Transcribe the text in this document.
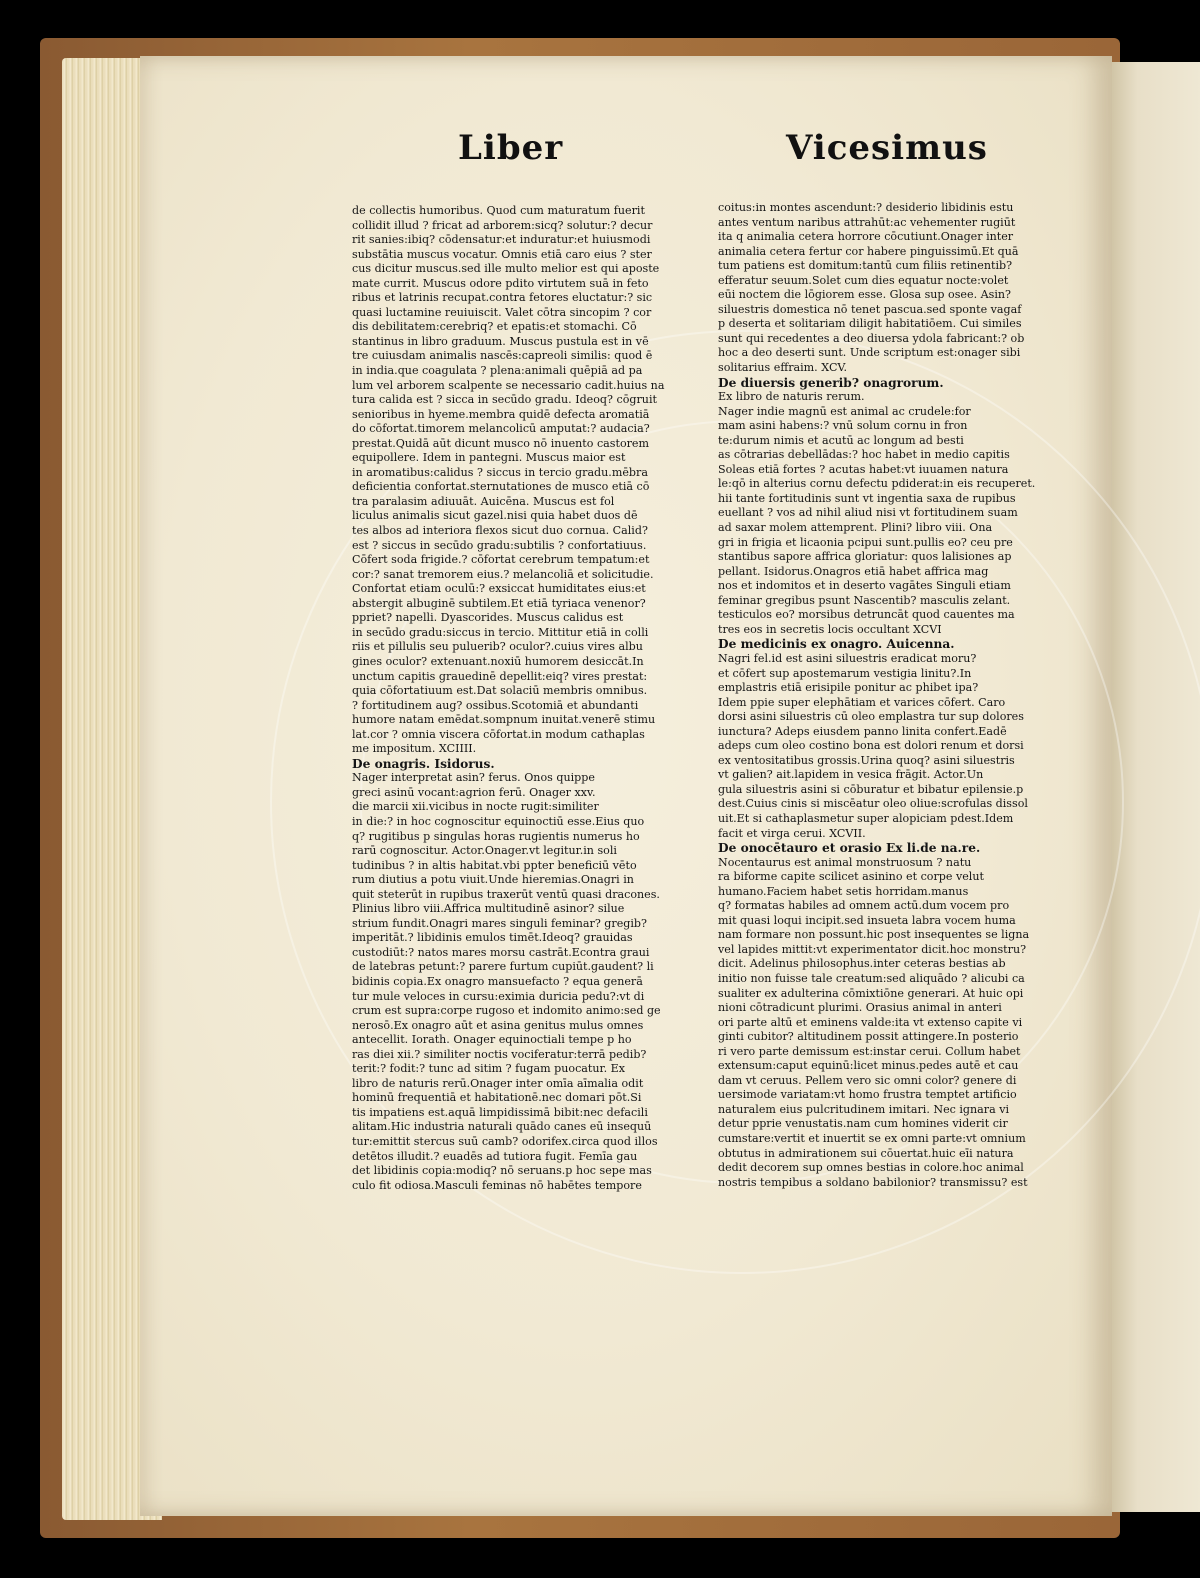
Liber	Vicesimus
de collectis humoribus. Quod cum maturatum fuerit
collidit illud ? fricat ad arborem:sicq? solutur:? decur
rit sanies:ibiq? cōdensatur:et induratur:et huiusmodi
substātia muscus vocatur. Omnis etiā caro eius ? ster
cus dicitur muscus.sed ille multo melior est qui aposte
mate currit. Muscus odore pdito virtutem suā in feto
ribus et latrinis recupat.contra fetores eluctatur:? sic
quasi luctamine reuiuiscit. Valet cōtra sincopim ? cor
dis debilitatem:cerebriq? et epatis:et stomachi. Cō
stantinus in libro graduum. Muscus pustula est in vē
tre cuiusdam animalis nascēs:capreoli similis: quod ē
in india.que coagulata ? plena:animali quēpiā ad pa
lum vel arborem scalpente se necessario cadit.huius na
tura calida est ? sicca in secūdo gradu. Ideoq? cōgruit
senioribus in hyeme.membra quidē defecta aromatiā
do cōfortat.timorem melancolicū amputat:? audacia?
prestat.Quidā aūt dicunt musco nō inuento castorem
equipollere. Idem in pantegni. Muscus maior est
in aromatibus:calidus ? siccus in tercio gradu.mēbra
deficientia confortat.sternutationes de musco etiā cō
tra paralasim adiuuāt. Auicēna. Muscus est fol
liculus animalis sicut gazel.nisi quia habet duos dē
tes albos ad interiora flexos sicut duo cornua. Calid?
est ? siccus in secūdo gradu:subtilis ? confortatiuus.
Cōfert soda frigide.? cōfortat cerebrum tempatum:et
cor:? sanat tremorem eius.? melancoliā et solicitudie.
Confortat etiam oculū:? exsiccat humiditates eius:et
abstergit albuginē subtilem.Et etiā tyriaca venenor?
ppriet? napelli. Dyascorides. Muscus calidus est
in secūdo gradu:siccus in tercio. Mittitur etiā in colli
riis et pillulis seu puluerib? oculor?.cuius vires albu
gines oculor? extenuant.noxiū humorem desiccāt.In
unctum capitis grauedinē depellit:eiq? vires prestat:
quia cōfortatiuum est.Dat solaciū membris omnibus.
? fortitudinem aug? ossibus.Scotomiā et abundanti
humore natam emēdat.sompnum inuitat.venerē stimu
lat.cor ? omnia viscera cōfortat.in modum cathaplas
me impositum. XCIIII.
De onagris. Isidorus.
Nager interpretat asin? ferus. Onos quippe
greci asinū vocant:agrion ferū. Onager xxv.
die marcii xii.vicibus in nocte rugit:similiter
in die:? in hoc cognoscitur equinoctiū esse.Eius quo
q? rugitibus p singulas horas rugientis numerus ho
rarū cognoscitur. Actor.Onager.vt legitur.in soli
tudinibus ? in altis habitat.vbi ppter beneficiū vēto
rum diutius a potu viuit.Unde hieremias.Onagri in
quit steterūt in rupibus traxerūt ventū quasi dracones.
Plinius libro viii.Affrica multitudinē asinor? silue
strium fundit.Onagri mares singuli feminar? gregib?
imperitāt.? libidinis emulos timēt.Ideoq? grauidas
custodiūt:? natos mares morsu castrāt.Econtra graui
de latebras petunt:? parere furtum cupiūt.gaudent? li
bidinis copia.Ex onagro mansuefacto ? equa generā
tur mule veloces in cursu:eximia duricia pedu?:vt di
crum est supra:corpe rugoso et indomito animo:sed ge
nerosō.Ex onagro aūt et asina genitus mulus omnes
antecellit. Iorath. Onager equinoctiali tempe p ho
ras diei xii.? similiter noctis vociferatur:terrā pedib?
terit:? fodit:? tunc ad sitim ? fugam puocatur. Ex
libro de naturis rerū.Onager inter omīa aīmalia odit
hominū frequentiā et habitationē.nec domari pōt.Si
tis impatiens est.aquā limpidissimā bibit:nec defacili
alitam.Hic industria naturali quādo canes eū insequū
tur:emittit stercus suū camb? odorifex.circa quod illos
detētos illudit.? euadēs ad tutiora fugit. Femīa gau
det libidinis copia:modiq? nō seruans.p hoc sepe mas
culo fit odiosa.Masculi feminas nō habētes tempore
coitus:in montes ascendunt:? desiderio libidinis estu
antes ventum naribus attrahūt:ac vehementer rugiūt
ita q animalia cetera horrore cōcutiunt.Onager inter
animalia cetera fertur cor habere pinguissimū.Et quā
tum patiens est domitum:tantū cum filiis retinentib?
efferatur seuum.Solet cum dies equatur nocte:volet
eūi noctem die lōgiorem esse. Glosa sup osee. Asin?
siluestris domestica nō tenet pascua.sed sponte vagaf
p deserta et solitariam diligit habitatiōem. Cui similes
sunt qui recedentes a deo diuersa ydola fabricant:? ob
hoc a deo deserti sunt. Unde scriptum est:onager sibi
solitarius effraim. XCV.
De diuersis generib? onagrorum.
Ex libro de naturis rerum.
Nager indie magnū est animal ac crudele:for
mam asini habens:? vnū solum cornu in fron
te:durum nimis et acutū ac longum ad besti
as cōtrarias debellādas:? hoc habet in medio capitis
Soleas etiā fortes ? acutas habet:vt iuuamen natura
le:qō in alterius cornu defectu pdiderat:in eis recuperet.
hii tante fortitudinis sunt vt ingentia saxa de rupibus
euellant ? vos ad nihil aliud nisi vt fortitudinem suam
ad saxar molem attemprent. Plini? libro viii. Ona
gri in frigia et licaonia pcipui sunt.pullis eo? ceu pre
stantibus sapore affrica gloriatur: quos lalisiones ap
pellant. Isidorus.Onagros etiā habet affrica mag
nos et indomitos et in deserto vagātes Singuli etiam
feminar gregibus psunt Nascentib? masculis zelant.
testiculos eo? morsibus detruncāt quod cauentes ma
tres eos in secretis locis occultant XCVI
De medicinis ex onagro. Auicenna.
Nagri fel.id est asini siluestris eradicat moru?
et cōfert sup apostemarum vestigia linitu?.In
emplastris etiā erisipile ponitur ac phibet ipa?
Idem ppie super elephātiam et varices cōfert. Caro
dorsi asini siluestris cū oleo emplastra tur sup dolores
iunctura? Adeps eiusdem panno linita confert.Eadē
adeps cum oleo costino bona est dolori renum et dorsi
ex ventositatibus grossis.Urina quoq? asini siluestris
vt galien? ait.lapidem in vesica frāgit. Actor.Un
gula siluestris asini si cōburatur et bibatur epilensie.p
dest.Cuius cinis si miscēatur oleo oliue:scrofulas dissol
uit.Et si cathaplasmetur super alopiciam pdest.Idem
facit et virga cerui. XCVII.
De onocētauro et orasio Ex li.de na.re.
Nocentaurus est animal monstruosum ? natu
ra biforme capite scilicet asinino et corpe velut
humano.Faciem habet setis horridam.manus
q? formatas habiles ad omnem actū.dum vocem pro
mit quasi loqui incipit.sed insueta labra vocem huma
nam formare non possunt.hic post insequentes se ligna
vel lapides mittit:vt experimentator dicit.hoc monstru?
dicit. Adelinus philosophus.inter ceteras bestias ab
initio non fuisse tale creatum:sed aliquādo ? alicubi ca
sualiter ex adulterina cōmixtiōne generari. At huic opi
nioni cōtradicunt plurimi. Orasius animal in anteri
ori parte altū et eminens valde:ita vt extenso capite vi
ginti cubitor? altitudinem possit attingere.In posterio
ri vero parte demissum est:instar cerui. Collum habet
extensum:caput equinū:licet minus.pedes autē et cau
dam vt ceruus. Pellem vero sic omni color? genere di
uersimode variatam:vt homo frustra temptet artificio
naturalem eius pulcritudinem imitari. Nec ignara vi
detur pprie venustatis.nam cum homines viderit cir
cumstare:vertit et inuertit se ex omni parte:vt omnium
obtutus in admirationem sui cōuertat.huic eīi natura
dedit decorem sup omnes bestias in colore.hoc animal
nostris tempibus a soldano babilonior? transmissu? est
